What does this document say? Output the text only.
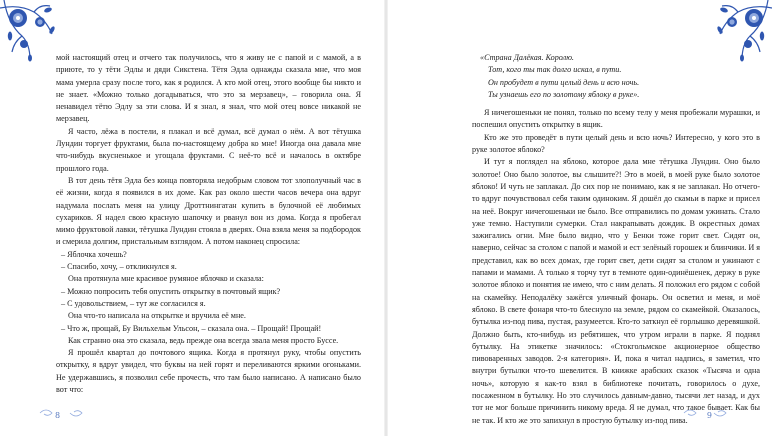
мой настоящий отец и отчего так получилось, что я живу не с папой и с мамой, а в приюте, то у тёти Эдлы и дяди Сикстена. Тётя Эдла однажды сказала мне, что моя мама умерла сразу после того, как я родился. А кто мой отец, этого вообще бы никто и не знает. «Можно только догадываться, что это за мерзавец», – говорила она. Я ненавидел тётю Эдлу за эти слова. И я знал, я знал, что мой отец вовсе никакой не мерзавец.

Я часто, лёжа в постели, я плакал и всё думал, всё думал о нём. А вот тётушка Лундин торгует фруктами, была по-настоящему добра ко мне! Иногда она давала мне что-нибудь вкусненькое и угощала фруктами. С неё-то всё и началось в октябре прошлого года.

В тот день тётя Эдла без конца повторяла недобрым словом тот злополучный час в её жизни, когда я появился в их доме. Как раз около шести часов вечера она вдруг надумала послать меня на улицу Дроттнингатан купить в булочной её любимых сухариков. Я надел свою красную шапочку и рванул вон из дома. Когда я пробегал мимо фруктовой лавки, тётушка Лундин стояла в дверях. Она взяла меня за подбородок и смерила долгим, пристальным взглядом. А потом наконец спросила:

– Яблочка хочешь?

– Спасибо, хочу, – откликнулся я.

Она протянула мне красивое румяное яблочко и сказала:

– Можно попросить тебя опустить открытку в почтовый ящик?

– С удовольствием, – тут же согласился я.

Она что-то написала на открытке и вручила её мне.

– Что ж, прощай, Бу Вильхельм Ульсон, – сказала она. – Прощай! Прощай!

Как странно она это сказала, ведь прежде она всегда звала меня просто Буссе.

Я прошёл квартал до почтового ящика. Когда я протянул руку, чтобы опустить открытку, я вдруг увидел, что буквы на ней горят и переливаются яркими огоньками. Не удержавшись, я позволил себе прочесть, что там было написано. А написано было вот что:

8
«Страна Далёкая. Королю.
Тот, кого ты так долго искал, в пути.
Он пробудет в пути целый день и всю ночь.
Ты узнаешь его по золотому яблоку в руке».

Я ничегошеньки не понял, только по всему телу у меня пробежали мурашки, и поспешил опустить открытку в ящик.

Кто же это проведёт в пути целый день и всю ночь? Интересно, у кого это в руке золотое яблоко?

И тут я поглядел на яблоко, которое дала мне тётушка Лундин. Оно было золотое! Оно было золотое, вы слышите?! Это в моей, в моей руке было золотое яблоко! И чуть не заплакал. До сих пор не понимаю, как я не заплакал. Но отчего-то вдруг почувствовал себя таким одиноким. Я дошёл до скамьи в парке и присел на неё. Вокруг ничегошеньки не было. Все отправились по домам ужинать. Стало уже темно. Наступили сумерки. Стал накрапывать дождик. В окрестных домах зажигались огни. Мне было видно, что у Бенки тоже горит свет. Сидят он, наверно, сейчас за столом с папой и мамой и ест зелёный горошек и блинчики. И я представил, как во всех домах, где горит свет, дети сидят за столом и ужинают с папами и мамами. А только я торчу тут в темноте один-одинёшенек, держу в руке золотое яблоко и понятия не имею, что с ним делать. Я положил его рядом с собой на скамейку. Неподалёку зажёгся уличный фонарь. Он осветил и меня, и моё яблоко. В свете фонаря что-то блеснуло на земле, рядом со скамейкой. Оказалось, бутылка из-под пива, пустая, разумеется. Кто-то заткнул её горлышко деревяшкой. Должно быть, кто-нибудь из ребятишек, что утром играли в парке. Я поднял бутылку. На этикетке значилось: «Стокгольмское акционерное общество пивоваренных заводов. 2-я категория». И, пока я читал надпись, я заметил, что внутри бутылки что-то шевелится. В книжке арабских сказок «Тысяча и одна ночь», которую я как-то взял в библиотеке почитать, говорилось о духе, посаженном в бутылку. Но это случилось давным-давно, тысячи лет назад, и дух тот не мог больше причинить никому вреда. Я не думал, что такое бывает. Как бы не так. И кто же это запихнул в простую бутылку из-под пива.

9
